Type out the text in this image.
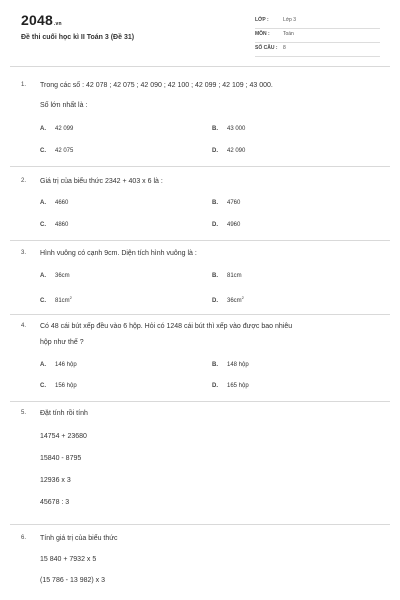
2048.vn
Đề thi cuối học kì II Toán 3 (Đề 31)
LỚP :	Lớp 3
MÔN :	Toán
SỐ CÂU : 8
1. Trong các số : 42 078 ; 42 075 ; 42 090 ; 42 100 ; 42 099 ; 42 109 ; 43 000.
Số lớn nhất là :
A. 42 099	B. 43 000
C. 42 075	D. 42 090
2. Giá trị của biểu thức 2342 + 403 x 6 là :
A. 4660	B. 4760
C. 4860	D. 4960
3. Hình vuông có cạnh 9cm. Diện tích hình vuông là :
A. 36cm	B. 81cm
C. $81cm^2$
D. $36cm^2$
4. Có 48 cái bút xếp đều vào 6 hộp. Hỏi có 1248 cái bút thì xếp vào được bao nhiêu
hộp như thế ?
A. 146 hộp	B. 148 hộp
C. 156 hộp	D. 165 hộp
5. Đặt tính rồi tính
14754 + 23680
15840 - 8795
12936 x 3
45678 : 3
6. Tính giá trị của biểu thức
15 840 + 7932 x 5
(15 786 - 13 982) x 3
